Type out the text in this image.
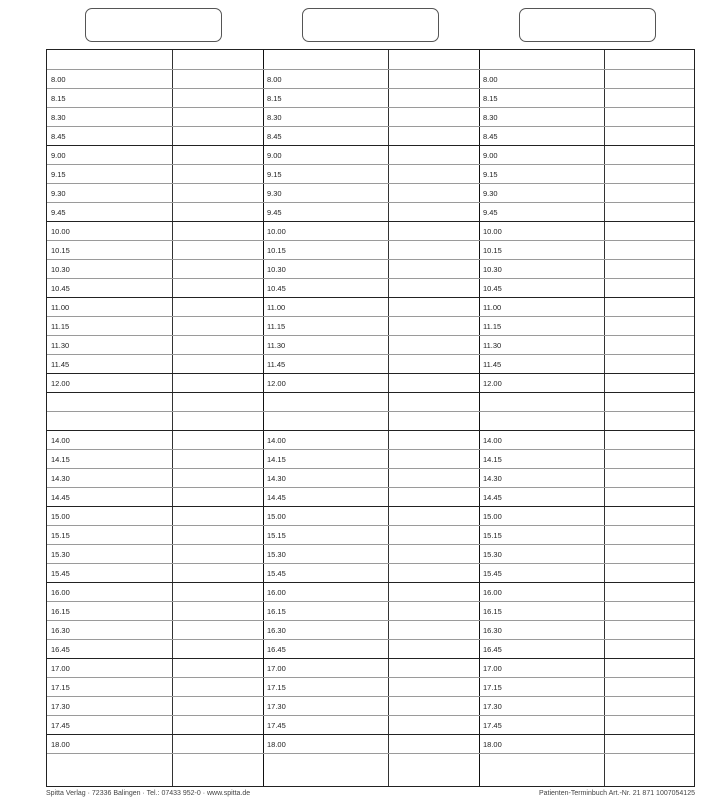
8.00	8.00	8.00
8.15	8.15	8.15
8.30	8.30	8.30
8.45	8.45	8.45
9.00	9.00	9.00
9.15	9.15	9.15
9.30	9.30	9.30
9.45	9.45	9.45
10.00	10.00	10.00
10.15	10.15	10.15
10.30	10.30	10.30
10.45	10.45	10.45
11.00	11.00	11.00
11.15	11.15	11.15
11.30	11.30	11.30
11.45	11.45	11.45
12.00	12.00	12.00
14.00	14.00	14.00
14.15	14.15	14.15
14.30	14.30	14.30
14.45	14.45	14.45
15.00	15.00	15.00
15.15	15.15	15.15
15.30	15.30	15.30
15.45	15.45	15.45
16.00	16.00	16.00
16.15	16.15	16.15
16.30	16.30	16.30
16.45	16.45	16.45
17.00	17.00	17.00
17.15	17.15	17.15
17.30	17.30	17.30
17.45	17.45	17.45
18.00	18.00	18.00
Spitta Verlag · 72336 Balingen · Tel.: 07433 952-0 · www.spitta.de	Patienten-Terminbuch Art.-Nr. 21 871 1007054125
